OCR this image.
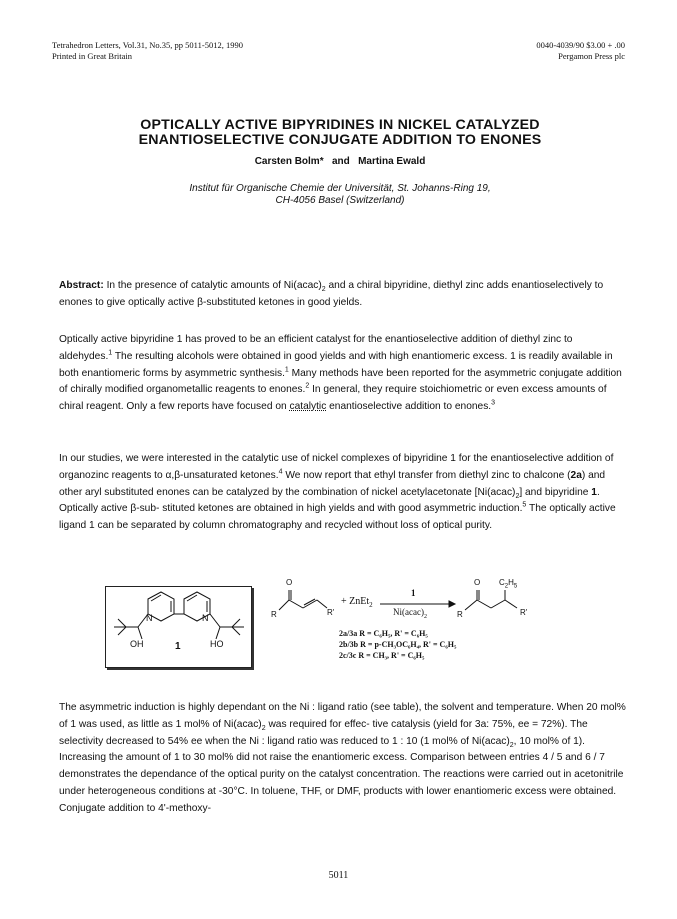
Tetrahedron Letters, Vol.31, No.35, pp 5011-5012, 1990
Printed in Great Britain
0040-4039/90 $3.00 + .00
Pergamon Press plc
OPTICALLY ACTIVE BIPYRIDINES IN NICKEL CATALYZED
ENANTIOSELECTIVE CONJUGATE ADDITION TO ENONES
Carsten Bolm* and Martina Ewald
Institut für Organische Chemie der Universität, St. Johanns-Ring 19,
CH-4056 Basel (Switzerland)
Abstract: In the presence of catalytic amounts of $Ni(acac)_2$ and a chiral bipyridine, diethyl zinc adds enantioselectively to enones to give optically active β-substituted ketones in good yields.
Optically active bipyridine 1 has proved to be an efficient catalyst for the enantioselective addition of diethyl zinc to aldehydes.$^1$ The resulting alcohols were obtained in good yields and with high enantiomeric excess. 1 is readily available in both enantiomeric forms by asymmetric synthesis.$^1$ Many methods have been reported for the asymmetric conjugate addition of chirally modified organometallic reagents to enones.$^2$ In general, they require stoichiometric or even excess amounts of chiral reagent. Only a few reports have focused on catalytic enantioselective addition to enones.$^3$
In our studies, we were interested in the catalytic use of nickel complexes of bipyridine 1 for the enantioselective addition of organozinc reagents to α,β-unsaturated ketones.$^4$ We now report that ethyl transfer from diethyl zinc to chalcone (2a) and other aryl substituted enones can be catalyzed by the combination of nickel acetylacetonate $[Ni(acac)_2]$ and bipyridine 1. Optically active β-sub- stituted ketones are obtained in high yields and with good asymmetric induction.$^5$ The optically active ligand 1 can be separated by column chromatography and recycled without loss of optical purity.
N	N
OH	HO
1
O
R	R'
+ ZnEt$_2$
1
$Ni(acac)_2$
O $C_2H_5$
R	R'
2a/3a R = C₆H₅, R' = C₆H₅
2b/3b R = p-CH₃OC₆H₄, R' = C₆H₅
2c/3c R = CH₃, R' = C₆H₅
The asymmetric induction is highly dependant on the Ni : ligand ratio (see table), the solvent and temperature. When 20 mol% of 1 was used, as little as 1 mol% of $Ni(acac)_2$ was required for effec- tive catalysis (yield for 3a: 75%, ee = 72%). The selectivity decreased to 54% ee when the Ni : ligand ratio was reduced to 1 : 10 (1 mol% of $Ni(acac)_2$, 10 mol% of 1). Increasing the amount of 1 to 30 mol% did not raise the enantiomeric excess. Comparison between entries 4 / 5 and 6 / 7 demonstrates the dependance of the optical purity on the catalyst concentration. The reactions were carried out in acetonitrile under heterogeneous conditions at -30°C. In toluene, THF, or DMF, products with lower enantiomeric excess were obtained. Conjugate addition to 4'-methoxy-
5011
